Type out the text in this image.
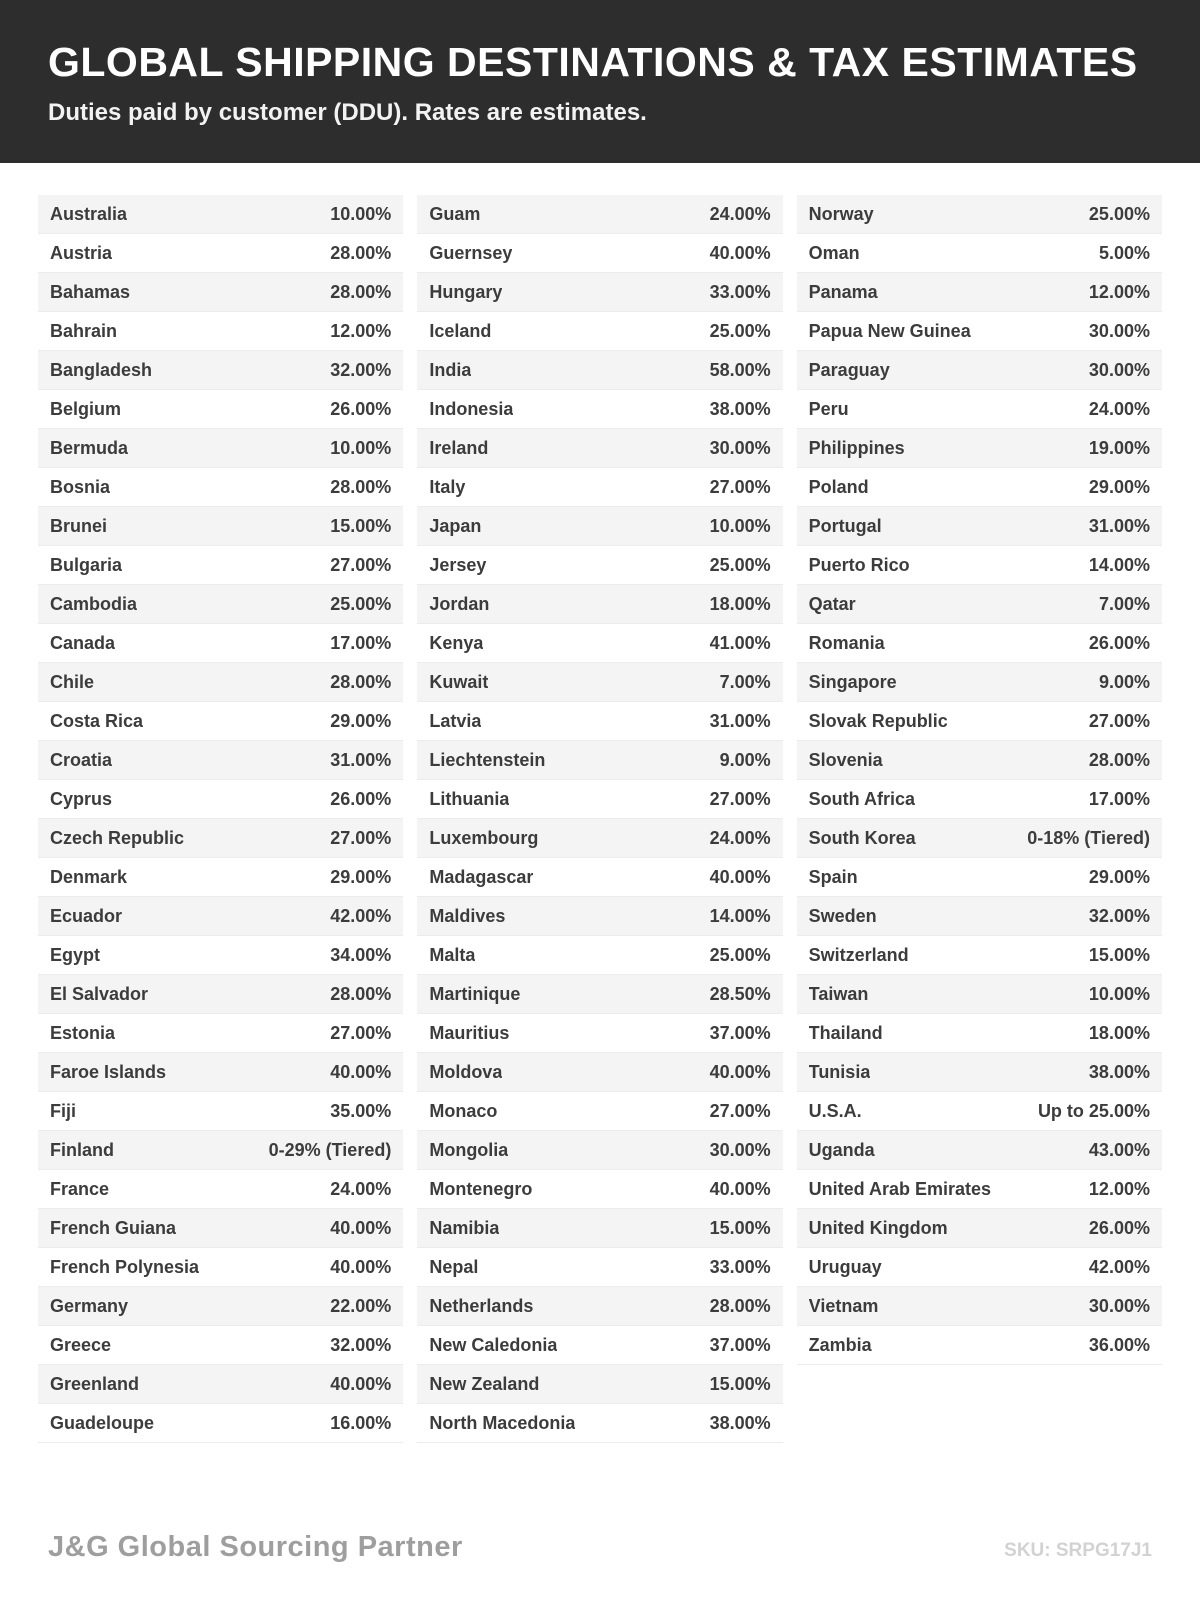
GLOBAL SHIPPING DESTINATIONS & TAX ESTIMATES

Duties paid by customer (DDU). Rates are estimates.

Australia	10.00%
Austria	28.00%
Bahamas	28.00%
Bahrain	12.00%
Bangladesh	32.00%
Belgium	26.00%
Bermuda	10.00%
Bosnia	28.00%
Brunei	15.00%
Bulgaria	27.00%
Cambodia	25.00%
Canada	17.00%
Chile	28.00%
Costa Rica	29.00%
Croatia	31.00%
Cyprus	26.00%
Czech Republic	27.00%
Denmark	29.00%
Ecuador	42.00%
Egypt	34.00%
El Salvador	28.00%
Estonia	27.00%
Faroe Islands	40.00%
Fiji	35.00%
Finland	0-29% (Tiered)
France	24.00%
French Guiana	40.00%
French Polynesia	40.00%
Germany	22.00%
Greece	32.00%
Greenland	40.00%
Guadeloupe	16.00%
Guam	24.00%
Guernsey	40.00%
Hungary	33.00%
Iceland	25.00%
India	58.00%
Indonesia	38.00%
Ireland	30.00%
Italy	27.00%
Japan	10.00%
Jersey	25.00%
Jordan	18.00%
Kenya	41.00%
Kuwait	7.00%
Latvia	31.00%
Liechtenstein	9.00%
Lithuania	27.00%
Luxembourg	24.00%
Madagascar	40.00%
Maldives	14.00%
Malta	25.00%
Martinique	28.50%
Mauritius	37.00%
Moldova	40.00%
Monaco	27.00%
Mongolia	30.00%
Montenegro	40.00%
Namibia	15.00%
Nepal	33.00%
Netherlands	28.00%
New Caledonia	37.00%
New Zealand	15.00%
North Macedonia	38.00%
Norway	25.00%
Oman	5.00%
Panama	12.00%
Papua New Guinea	30.00%
Paraguay	30.00%
Peru	24.00%
Philippines	19.00%
Poland	29.00%
Portugal	31.00%
Puerto Rico	14.00%
Qatar	7.00%
Romania	26.00%
Singapore	9.00%
Slovak Republic	27.00%
Slovenia	28.00%
South Africa	17.00%
South Korea	0-18% (Tiered)
Spain	29.00%
Sweden	32.00%
Switzerland	15.00%
Taiwan	10.00%
Thailand	18.00%
Tunisia	38.00%
U.S.A.	Up to 25.00%
Uganda	43.00%
United Arab Emirates	12.00%
United Kingdom	26.00%
Uruguay	42.00%
Vietnam	30.00%
Zambia	36.00%
J&G Global Sourcing Partner	SKU: SRPG17J1
